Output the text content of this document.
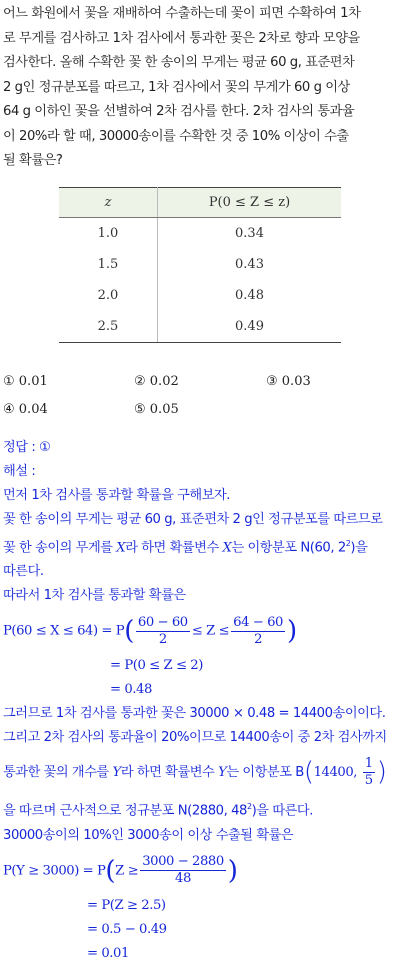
어느 화원에서 꽃을 재배하여 수출하는데 꽃이 피면 수확하여 1차
로 무게를 검사하고 1차 검사에서 통과한 꽃은 2차로 향과 모양을
검사한다. 올해 수확한 꽃 한 송이의 무게는 평균 60 g, 표준편차
2 g인 정규분포를 따르고, 1차 검사에서 꽃의 무게가 60 g 이상
64 g 이하인 꽃을 선별하여 2차 검사를 한다. 2차 검사의 통과율
이 20%라 할 때, 30000송이를 수확한 것 중 10% 이상이 수출
될 확률은?
z	P(0 ≤ Z ≤ z)
1.0	0.34
1.5	0.43
2.0	0.48
2.5	0.49
① 0.01	② 0.02	③ 0.03
④ 0.04	⑤ 0.05
정답 : ①
해설 :
먼저 1차 검사를 통과할 확률을 구해보자.
꽃 한 송이의 무게는 평균 60 g, 표준편차 2 g인 정규분포를 따르므로
꽃 한 송이의 무게를 X라 하면 확률변수 X는 이항분포 N(60, $2^2$)을
따른다.
따라서 1차 검사를 통과할 확률은
$P(60 \le X \le 64) = P( \frac{60 - 60}{2} \le Z \le \frac{64 - 60}{2}$ )
= P(0 ≤ Z ≤ 2)
= 0.48
그러므로 1차 검사를 통과한 꽃은 30000 × 0.48 = 14400송이이다.
그리고 2차 검사의 통과율이 20%이므로 14400송이 중 2차 검사까지
통과한 꽃의 개수를 Y라 하면 확률변수 Y는 이항분포 B(14400, $\frac{1}{5}$ )
을 따르며 근사적으로 정규분포 N(2880, $48^2$)을 따른다.
30000송이의 10%인 3000송이 이상 수출될 확률은
$P(Y \ge 3000) = P(Z \ge \frac{3000 - 2880}{48}$ )
= P(Z ≥ 2.5)
= 0.5 − 0.49
= 0.01
